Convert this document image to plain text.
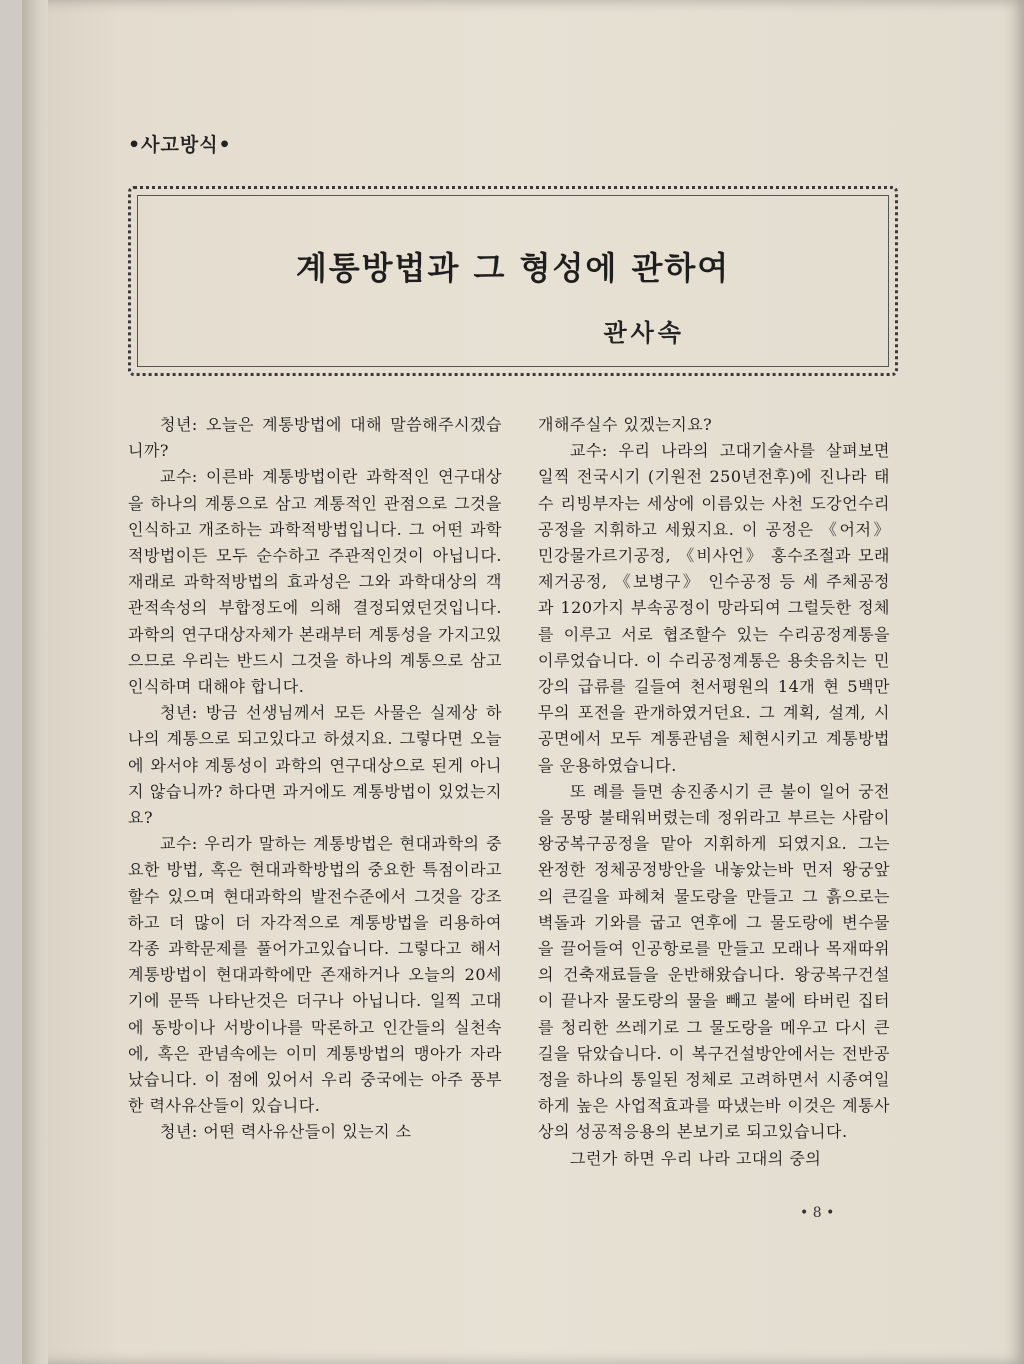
•사고방식•
계통방법과 그 형성에 관하여
관사속

청년: 오늘은 계통방법에 대해 말씀해주시겠습니까?

교수: 이른바 계통방법이란 과학적인 연구대상을 하나의 계통으로 삼고 계통적인 관점으로 그것을 인식하고 개조하는 과학적방법입니다. 그 어떤 과학적방법이든 모두 순수하고 주관적인것이 아닙니다. 재래로 과학적방법의 효과성은 그와 과학대상의 객관적속성의 부합정도에 의해 결정되였던것입니다. 과학의 연구대상자체가 본래부터 계통성을 가지고있으므로 우리는 반드시 그것을 하나의 계통으로 삼고 인식하며 대해야 합니다.

청년: 방금 선생님께서 모든 사물은 실제상 하나의 계통으로 되고있다고 하셨지요. 그렇다면 오늘에 와서야 계통성이 과학의 연구대상으로 된게 아니지 않습니까? 하다면 과거에도 계통방법이 있었는지요?

교수: 우리가 말하는 계통방법은 현대과학의 중요한 방법, 혹은 현대과학방법의 중요한 특점이라고 할수 있으며 현대과학의 발전수준에서 그것을 강조하고 더 많이 더 자각적으로 계통방법을 리용하여 각종 과학문제를 풀어가고있습니다. 그렇다고 해서 계통방법이 현대과학에만 존재하거나 오늘의 20세기에 문뜩 나타난것은 더구나 아닙니다. 일찍 고대에 동방이나 서방이나를 막론하고 인간들의 실천속에, 혹은 관념속에는 이미 계통방법의 맹아가 자라났습니다. 이 점에 있어서 우리 중국에는 아주 풍부한 력사유산들이 있습니다.

청년: 어떤 력사유산들이 있는지 소

개해주실수 있겠는지요?

교수: 우리 나라의 고대기술사를 살펴보면 일찍 전국시기 (기원전 250년전후)에 진나라 태수 리빙부자는 세상에 이름있는 사천 도강언수리공정을 지휘하고 세웠지요. 이 공정은 《어저》 민강물가르기공정, 《비사언》 홍수조절과 모래제거공정, 《보병구》 인수공정 등 세 주체공정과 120가지 부속공정이 망라되여 그럴듯한 정체를 이루고 서로 협조할수 있는 수리공정계통을 이루었습니다. 이 수리공정계통은 용솟음치는 민강의 급류를 길들여 천서평원의 14개 현 5백만무의 포전을 관개하였거던요. 그 계획, 설계, 시공면에서 모두 계통관념을 체현시키고 계통방법을 운용하였습니다.

또 례를 들면 송진종시기 큰 불이 일어 궁전을 몽땅 불태워버렸는데 정위라고 부르는 사람이 왕궁복구공정을 맡아 지휘하게 되였지요. 그는 완정한 정체공정방안을 내놓았는바 먼저 왕궁앞의 큰길을 파헤쳐 물도랑을 만들고 그 흙으로는 벽돌과 기와를 굽고 연후에 그 물도랑에 변수물을 끌어들여 인공항로를 만들고 모래나 목재따위의 건축재료들을 운반해왔습니다. 왕궁복구건설이 끝나자 물도랑의 물을 빼고 불에 타버린 집터를 청리한 쓰레기로 그 물도랑을 메우고 다시 큰길을 닦았습니다. 이 복구건설방안에서는 전반공정을 하나의 통일된 정체로 고려하면서 시종여일하게 높은 사업적효과를 따냈는바 이것은 계통사상의 성공적응용의 본보기로 되고있습니다.

그런가 하면 우리 나라 고대의 중의

• 8 •
